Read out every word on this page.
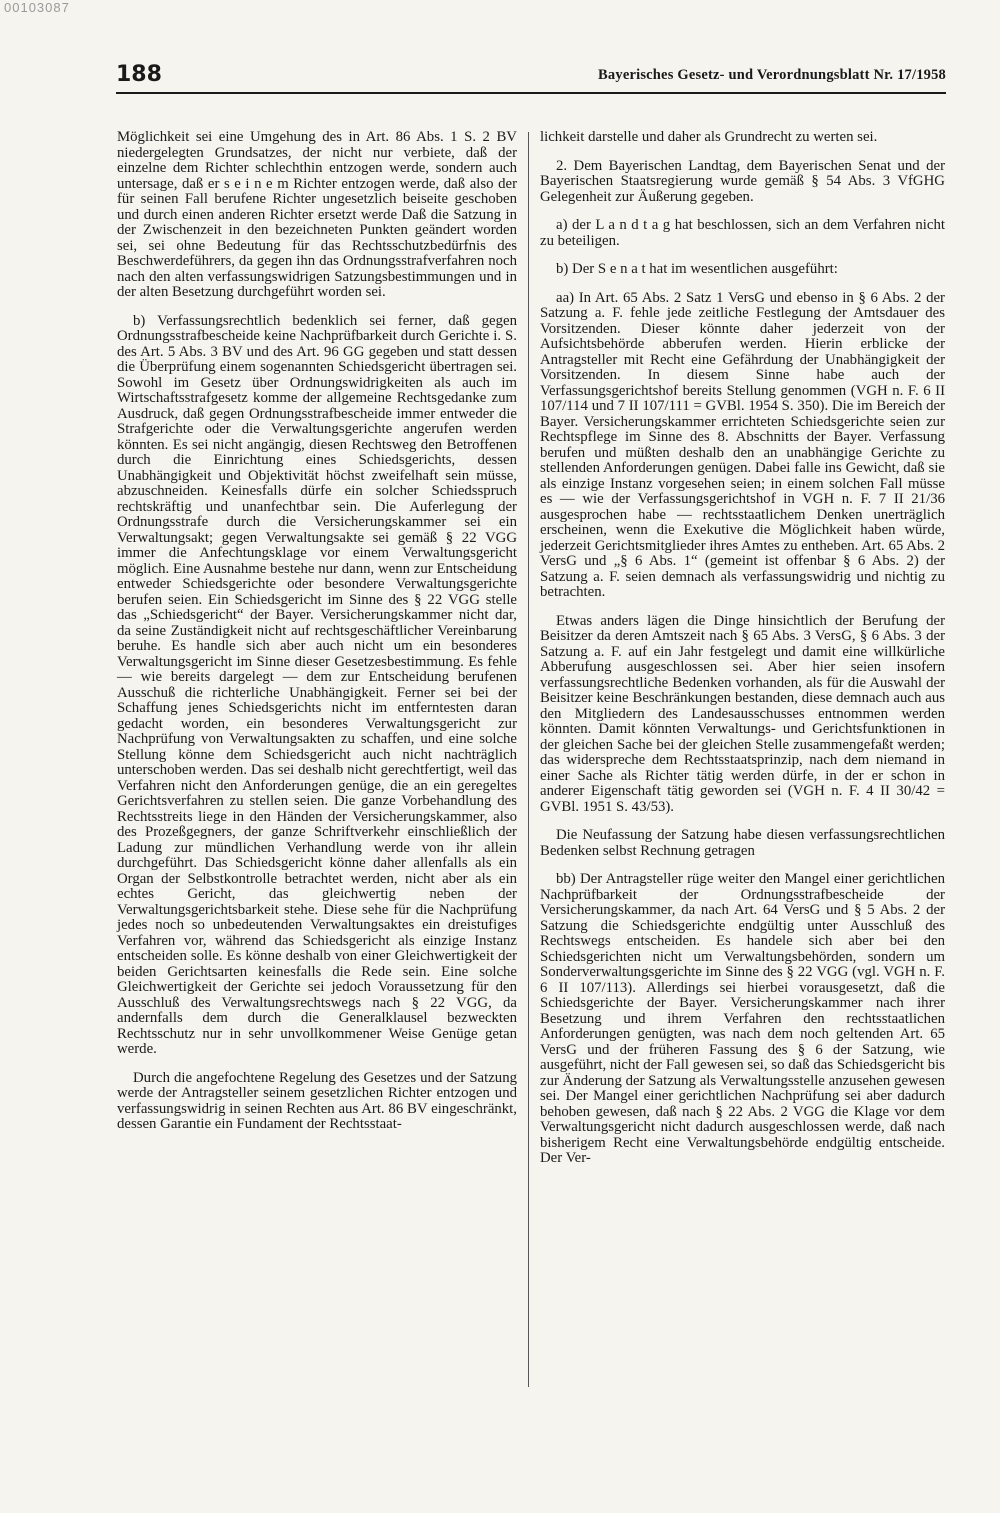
00103087
188	Bayerisches Gesetz- und Verordnungsblatt Nr. 17/1958

Möglichkeit sei eine Umgehung des in Art. 86 Abs. 1 S. 2 BV niedergelegten Grundsatzes, der nicht nur verbiete, daß der einzelne dem Richter schlechthin entzogen werde, sondern auch untersage, daß er s e i n e m Richter entzogen werde, daß also der für seinen Fall berufene Richter ungesetzlich beiseite geschoben und durch einen anderen Richter ersetzt werde Daß die Satzung in der Zwischenzeit in den bezeichneten Punkten geändert worden sei, sei ohne Bedeutung für das Rechtsschutzbedürfnis des Beschwerdeführers, da gegen ihn das Ordnungsstrafverfahren noch nach den alten verfassungswidrigen Satzungsbestimmungen und in der alten Besetzung durchgeführt worden sei.

b) Verfassungsrechtlich bedenklich sei ferner, daß gegen Ordnungsstrafbescheide keine Nachprüfbarkeit durch Gerichte i. S. des Art. 5 Abs. 3 BV und des Art. 96 GG gegeben und statt dessen die Überprüfung einem sogenannten Schiedsgericht übertragen sei. Sowohl im Gesetz über Ordnungswidrigkeiten als auch im Wirtschaftsstrafgesetz komme der allgemeine Rechtsgedanke zum Ausdruck, daß gegen Ordnungsstrafbescheide immer entweder die Strafgerichte oder die Verwaltungsgerichte angerufen werden könnten. Es sei nicht angängig, diesen Rechtsweg den Betroffenen durch die Einrichtung eines Schiedsgerichts, dessen Unabhängigkeit und Objektivität höchst zweifelhaft sein müsse, abzuschneiden. Keinesfalls dürfe ein solcher Schiedsspruch rechtskräftig und unanfechtbar sein. Die Auferlegung der Ordnungsstrafe durch die Versicherungskammer sei ein Verwaltungsakt; gegen Verwaltungsakte sei gemäß § 22 VGG immer die Anfechtungsklage vor einem Verwaltungsgericht möglich. Eine Ausnahme bestehe nur dann, wenn zur Entscheidung entweder Schiedsgerichte oder besondere Verwaltungsgerichte berufen seien. Ein Schiedsgericht im Sinne des § 22 VGG stelle das „Schiedsgericht“ der Bayer. Versicherungskammer nicht dar, da seine Zuständigkeit nicht auf rechtsgeschäftlicher Vereinbarung beruhe. Es handle sich aber auch nicht um ein besonderes Verwaltungsgericht im Sinne dieser Gesetzesbestimmung. Es fehle — wie bereits dargelegt — dem zur Entscheidung berufenen Ausschuß die richterliche Unabhängigkeit. Ferner sei bei der Schaffung jenes Schiedsgerichts nicht im entferntesten daran gedacht worden, ein besonderes Verwaltungsgericht zur Nachprüfung von Verwaltungsakten zu schaffen, und eine solche Stellung könne dem Schiedsgericht auch nicht nachträglich unterschoben werden. Das sei deshalb nicht gerechtfertigt, weil das Verfahren nicht den Anforderungen genüge, die an ein geregeltes Gerichtsverfahren zu stellen seien. Die ganze Vorbehandlung des Rechtsstreits liege in den Händen der Versicherungskammer, also des Prozeßgegners, der ganze Schriftverkehr einschließlich der Ladung zur mündlichen Verhandlung werde von ihr allein durchgeführt. Das Schiedsgericht könne daher allenfalls als ein Organ der Selbstkontrolle betrachtet werden, nicht aber als ein echtes Gericht, das gleichwertig neben der Verwaltungsgerichtsbarkeit stehe. Diese sehe für die Nachprüfung jedes noch so unbedeutenden Verwaltungsaktes ein dreistufiges Verfahren vor, während das Schiedsgericht als einzige Instanz entscheiden solle. Es könne deshalb von einer Gleichwertigkeit der beiden Gerichtsarten keinesfalls die Rede sein. Eine solche Gleichwertigkeit der Gerichte sei jedoch Voraussetzung für den Ausschluß des Verwaltungsrechtswegs nach § 22 VGG, da andernfalls dem durch die Generalklausel bezweckten Rechtsschutz nur in sehr unvollkommener Weise Genüge getan werde.

Durch die angefochtene Regelung des Gesetzes und der Satzung werde der Antragsteller seinem gesetzlichen Richter entzogen und verfassungswidrig in seinen Rechten aus Art. 86 BV eingeschränkt, dessen Garantie ein Fundament der Rechtsstaat-

lichkeit darstelle und daher als Grundrecht zu werten sei.

2. Dem Bayerischen Landtag, dem Bayerischen Senat und der Bayerischen Staatsregierung wurde gemäß § 54 Abs. 3 VfGHG Gelegenheit zur Äußerung gegeben.

a) der L a n d t a g hat beschlossen, sich an dem Verfahren nicht zu beteiligen.

b) Der S e n a t hat im wesentlichen ausgeführt:

aa) In Art. 65 Abs. 2 Satz 1 VersG und ebenso in § 6 Abs. 2 der Satzung a. F. fehle jede zeitliche Festlegung der Amtsdauer des Vorsitzenden. Dieser könnte daher jederzeit von der Aufsichtsbehörde abberufen werden. Hierin erblicke der Antragsteller mit Recht eine Gefährdung der Unabhängigkeit der Vorsitzenden. In diesem Sinne habe auch der Verfassungsgerichtshof bereits Stellung genommen (VGH n. F. 6 II 107/114 und 7 II 107/111 = GVBl. 1954 S. 350). Die im Bereich der Bayer. Versicherungskammer errichteten Schiedsgerichte seien zur Rechtspflege im Sinne des 8. Abschnitts der Bayer. Verfassung berufen und müßten deshalb den an unabhängige Gerichte zu stellenden Anforderungen genügen. Dabei falle ins Gewicht, daß sie als einzige Instanz vorgesehen seien; in einem solchen Fall müsse es — wie der Verfassungsgerichtshof in VGH n. F. 7 II 21/36 ausgesprochen habe — rechtsstaatlichem Denken unerträglich erscheinen, wenn die Exekutive die Möglichkeit haben würde, jederzeit Gerichtsmitglieder ihres Amtes zu entheben. Art. 65 Abs. 2 VersG und „§ 6 Abs. 1“ (gemeint ist offenbar § 6 Abs. 2) der Satzung a. F. seien demnach als verfassungswidrig und nichtig zu betrachten.

Etwas anders lägen die Dinge hinsichtlich der Berufung der Beisitzer da deren Amtszeit nach § 65 Abs. 3 VersG, § 6 Abs. 3 der Satzung a. F. auf ein Jahr festgelegt und damit eine willkürliche Abberufung ausgeschlossen sei. Aber hier seien insofern verfassungsrechtliche Bedenken vorhanden, als für die Auswahl der Beisitzer keine Beschränkungen bestanden, diese demnach auch aus den Mitgliedern des Landesausschusses entnommen werden könnten. Damit könnten Verwaltungs- und Gerichtsfunktionen in der gleichen Sache bei der gleichen Stelle zusammengefaßt werden; das widerspreche dem Rechtsstaatsprinzip, nach dem niemand in einer Sache als Richter tätig werden dürfe, in der er schon in anderer Eigenschaft tätig geworden sei (VGH n. F. 4 II 30/42 = GVBl. 1951 S. 43/53).

Die Neufassung der Satzung habe diesen verfassungsrechtlichen Bedenken selbst Rechnung getragen

bb) Der Antragsteller rüge weiter den Mangel einer gerichtlichen Nachprüfbarkeit der Ordnungsstrafbescheide der Versicherungskammer, da nach Art. 64 VersG und § 5 Abs. 2 der Satzung die Schiedsgerichte endgültig unter Ausschluß des Rechtswegs entscheiden. Es handele sich aber bei den Schiedsgerichten nicht um Verwaltungsbehörden, sondern um Sonderverwaltungsgerichte im Sinne des § 22 VGG (vgl. VGH n. F. 6 II 107/113). Allerdings sei hierbei vorausgesetzt, daß die Schiedsgerichte der Bayer. Versicherungskammer nach ihrer Besetzung und ihrem Verfahren den rechtsstaatlichen Anforderungen genügten, was nach dem noch geltenden Art. 65 VersG und der früheren Fassung des § 6 der Satzung, wie ausgeführt, nicht der Fall gewesen sei, so daß das Schiedsgericht bis zur Änderung der Satzung als Verwaltungsstelle anzusehen gewesen sei. Der Mangel einer gerichtlichen Nachprüfung sei aber dadurch behoben gewesen, daß nach § 22 Abs. 2 VGG die Klage vor dem Verwaltungsgericht nicht dadurch ausgeschlossen werde, daß nach bisherigem Recht eine Verwaltungsbehörde endgültig entscheide. Der Ver-
